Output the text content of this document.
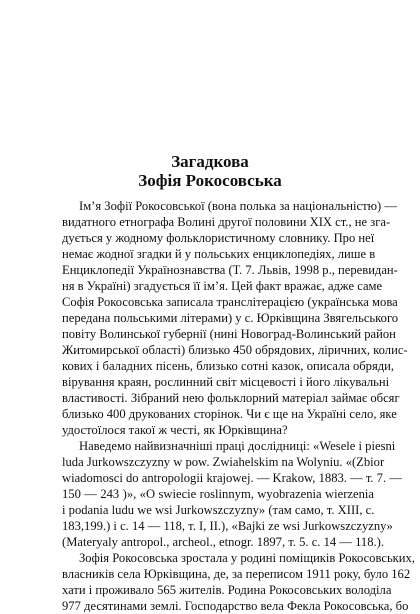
Загадкова
Зофія Рокосовська
Ім’я Зофії Рокосовської (вона полька за національністю) —
видатного етнографа Волині другої половини XIX ст., не зга-
дується у жодному фольклористичному словнику. Про неї
немає жодної згадки й у польських енциклопедіях, лише в
Енциклопедії Українознавства (Т. 7. Львів, 1998 р., перевидан-
ня в Україні) згадується її ім’я. Цей факт вражає, адже саме
Софія Рокосовська записала транслітерацією (українська мова
передана польськими літерами) у с. Юрківщина Звягельського
повіту Волинської губернії (нині Новоград-Волинський район
Житомирської області) близько 450 обрядових, ліричних, колис-
кових і баладних пісень, близько сотні казок, описала обряди,
вірування краян, рослинний світ місцевості і його лікувальні
властивості. Зібраний нею фольклорний матеріал займає обсяг
близько 400 друкованих сторінок. Чи є ще на Україні село, яке
удостоїлося такої ж честі, як Юрківщина?
Наведемо найвизначніші праці дослідниці: «Wesele i piesni
luda Jurkowszczyzny w pow. Zwiahelskim na Wolyniu. «(Zbior
wiadomosci do antropologii krajowej. — Krakow, 1883. — т. 7. —
150 — 243 )», «O swiecie roslinnym, wyobrazenia wierzenia
i podania ludu we wsi Jurkowszczyzny» (там само, т. XIII, с.
183,199.) і с. 14 — 118, т. І, ІІ.), «Bajki ze wsi Jurkowszczyzny»
(Materyaly antropol., archeol., etnogr. 1897, т. 5. с. 14 — 118.).
Зофія Рокосовська зростала у родині поміщиків Рокосовських,
власників села Юрківщина, де, за переписом 1911 року, було 162
хати і проживало 565 жителів. Родина Рокосовських володіла
977 десятинами землі. Господарство вела Фекла Рокосовська, бо
